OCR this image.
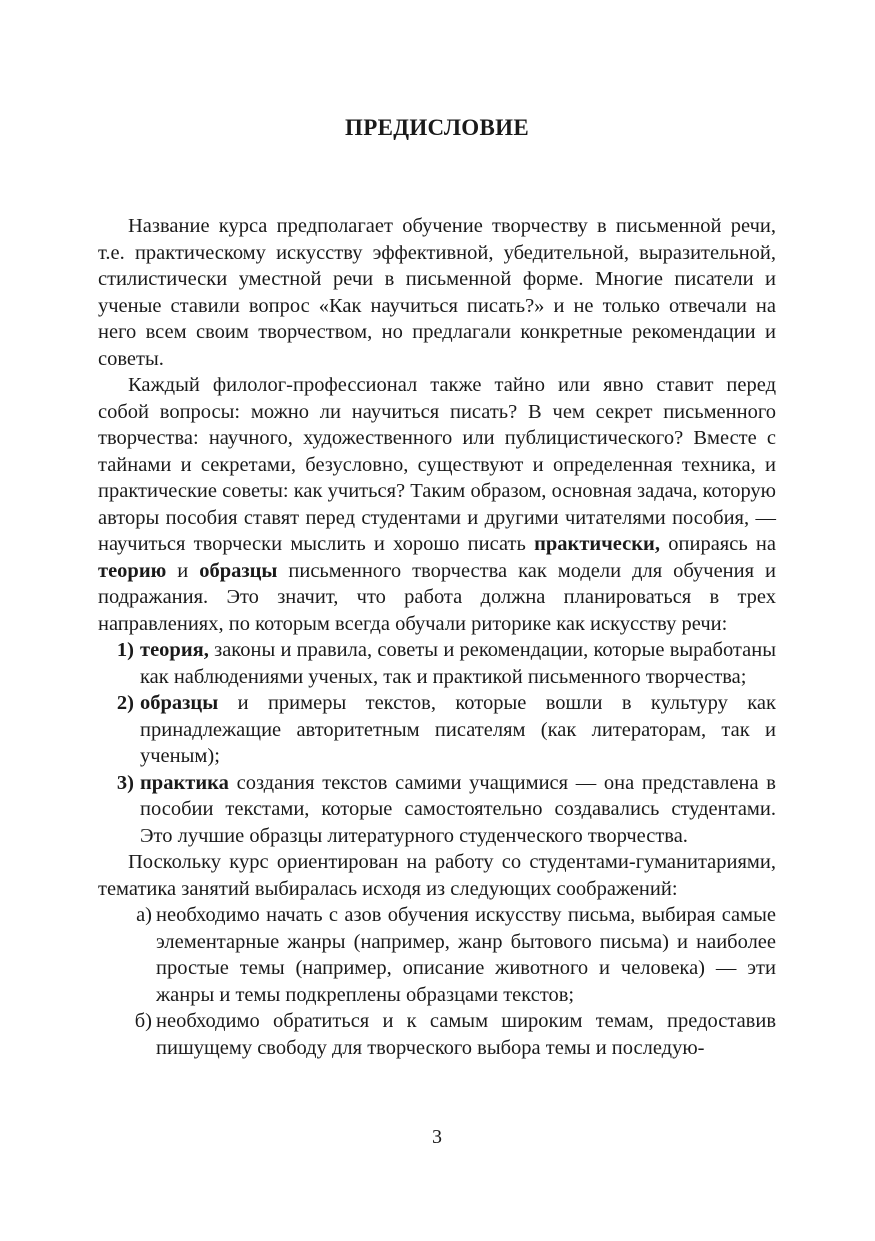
ПРЕДИСЛОВИЕ

Название курса предполагает обучение творчеству в письменной речи, т.е. практическому искусству эффективной, убедительной, выразительной, стилистически уместной речи в письменной форме. Многие писатели и ученые ставили вопрос «Как научиться писать?» и не только отвечали на него всем своим творчеством, но предлагали конкретные рекомендации и советы.

Каждый филолог-профессионал также тайно или явно ставит перед собой вопросы: можно ли научиться писать? В чем секрет письменного творчества: научного, художественного или публицистического? Вместе с тайнами и секретами, безусловно, существуют и определенная техника, и практические советы: как учиться? Таким образом, основная задача, которую авторы пособия ставят перед студентами и другими читателями пособия, — научиться творчески мыслить и хорошо писать практически, опираясь на теорию и образцы письменного творчества как модели для обучения и подражания. Это значит, что работа должна планироваться в трех направлениях, по которым всегда обучали риторике как искусству речи:

1) теория, законы и правила, советы и рекомендации, которые выработаны как наблюдениями ученых, так и практикой письменного творчества;
2) образцы и примеры текстов, которые вошли в культуру как принадлежащие авторитетным писателям (как литераторам, так и ученым);
3) практика создания текстов самими учащимися — она представлена в пособии текстами, которые самостоятельно создавались студентами. Это лучшие образцы литературного студенческого творчества.

Поскольку курс ориентирован на работу со студентами-гуманитариями, тематика занятий выбиралась исходя из следующих соображений:

а) необходимо начать с азов обучения искусству письма, выбирая самые элементарные жанры (например, жанр бытового письма) и наиболее простые темы (например, описание животного и человека) — эти жанры и темы подкреплены образцами текстов;
б) необходимо обратиться и к самым широким темам, предоставив пишущему свободу для творческого выбора темы и последую-
3
